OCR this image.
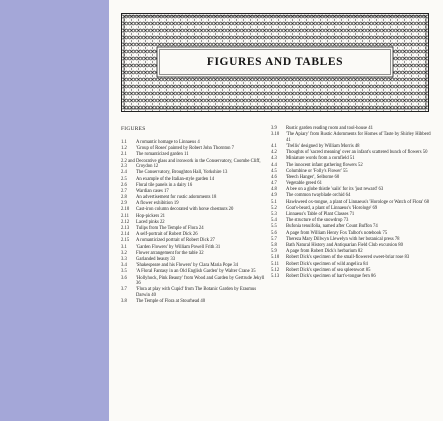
FIGURES AND TABLES
FIGURES
1.1	A romantic homage to Linnaeus 4
1.2	'Group of Roses' painted by Robert John Thornton 7
2.1	The romanticized garden 11
2.2 and 2.3
Decorative glass and ironwork in the Conservatory, Coombe Cliff, Croydon 12
2.4	The Conservatory, Broughton Hall, Yorkshire 13
2.5	An example of the Italian-style garden 14
2.6	Floral tile panels in a dairy 16
2.7	Wardian cases 17
2.8	An advertisement for rustic adornments 18
2.9	A flower exhibition 19
2.10	Cast-iron column decorated with horse chestnuts 20
2.11	Hop-pickers 21
2.12	Laced pinks 22
2.13	Tulips from The Temple of Flora 24
2.14	A self-portrait of Robert Dick 26
2.15	A romanticized portrait of Robert Dick 27
3.1	'Garden Flowers' by William Powell Frith 31
3.2	Flower arrangement for the table 32
3.3	Garlanded beauty 33
3.4	'Shakespeare and his Flowers' by Clara Maria Pope 34
3.5	'A Floral Fantasy in an Old English Garden' by Walter Crane 35
3.6	'Hollyhock, Pink Beauty' from Wood and Garden by Gertrude Jekyll 36
3.7	'Flora at play with Cupid' from The Botanic Garden by Erasmus Darwin 40
3.8	The Temple of Flora at Stourhead 40
3.9	Rustic garden reading room and tool-house 41
3.10	'The Apiary' from Rustic Adornments for Homes of Taste by Shirley Hibberd 41
4.1	'Trellis' designed by William Morris 48
4.2	Thoughts of 'sacred meaning' over an infant's scattered bunch of flowers 50
4.3	Miniature words from a cornfield 51
4.4	The innocent infant gathering flowers 52
4.5	Columbine or 'Folly's Flower' 55
4.6	'Beech Hanger', Selborne 60
4.7	Vegetable greed 61
4.8	A bee on a globe thistle 'sails' for its 'just reward' 63
4.9	The common twayblade orchid 64
5.1	Hawkweed ox-tongue, a plant of Linnaeus's 'Horologe or Watch of Flora' 68
5.2	Goat's-beard, a plant of Linnaeus's 'Horologe' 69
5.3	Linnaeus's Table of Plant Classes 71
5.4	The structure of the snowdrop 73
5.5	Bufonia tenuifolia, named after Count Buffon 74
5.6	A page from William Henry Fox Talbot's notebook 75
5.7	Thereza Mary Dillwyn Llewelyn with her botanical press 78
5.8	Bath Natural History and Antiquarian Field Club excursion 80
5.9	A page from Robert Dick's herbarium 82
5.10	Robert Dick's specimen of the small-flowered sweet-briar rose 83
5.11	Robert Dick's specimen of wild angelica 84
5.12	Robert Dick's specimen of sea spleenwort 85
5.13	Robert Dick's specimen of hart's-tongue fern 86
